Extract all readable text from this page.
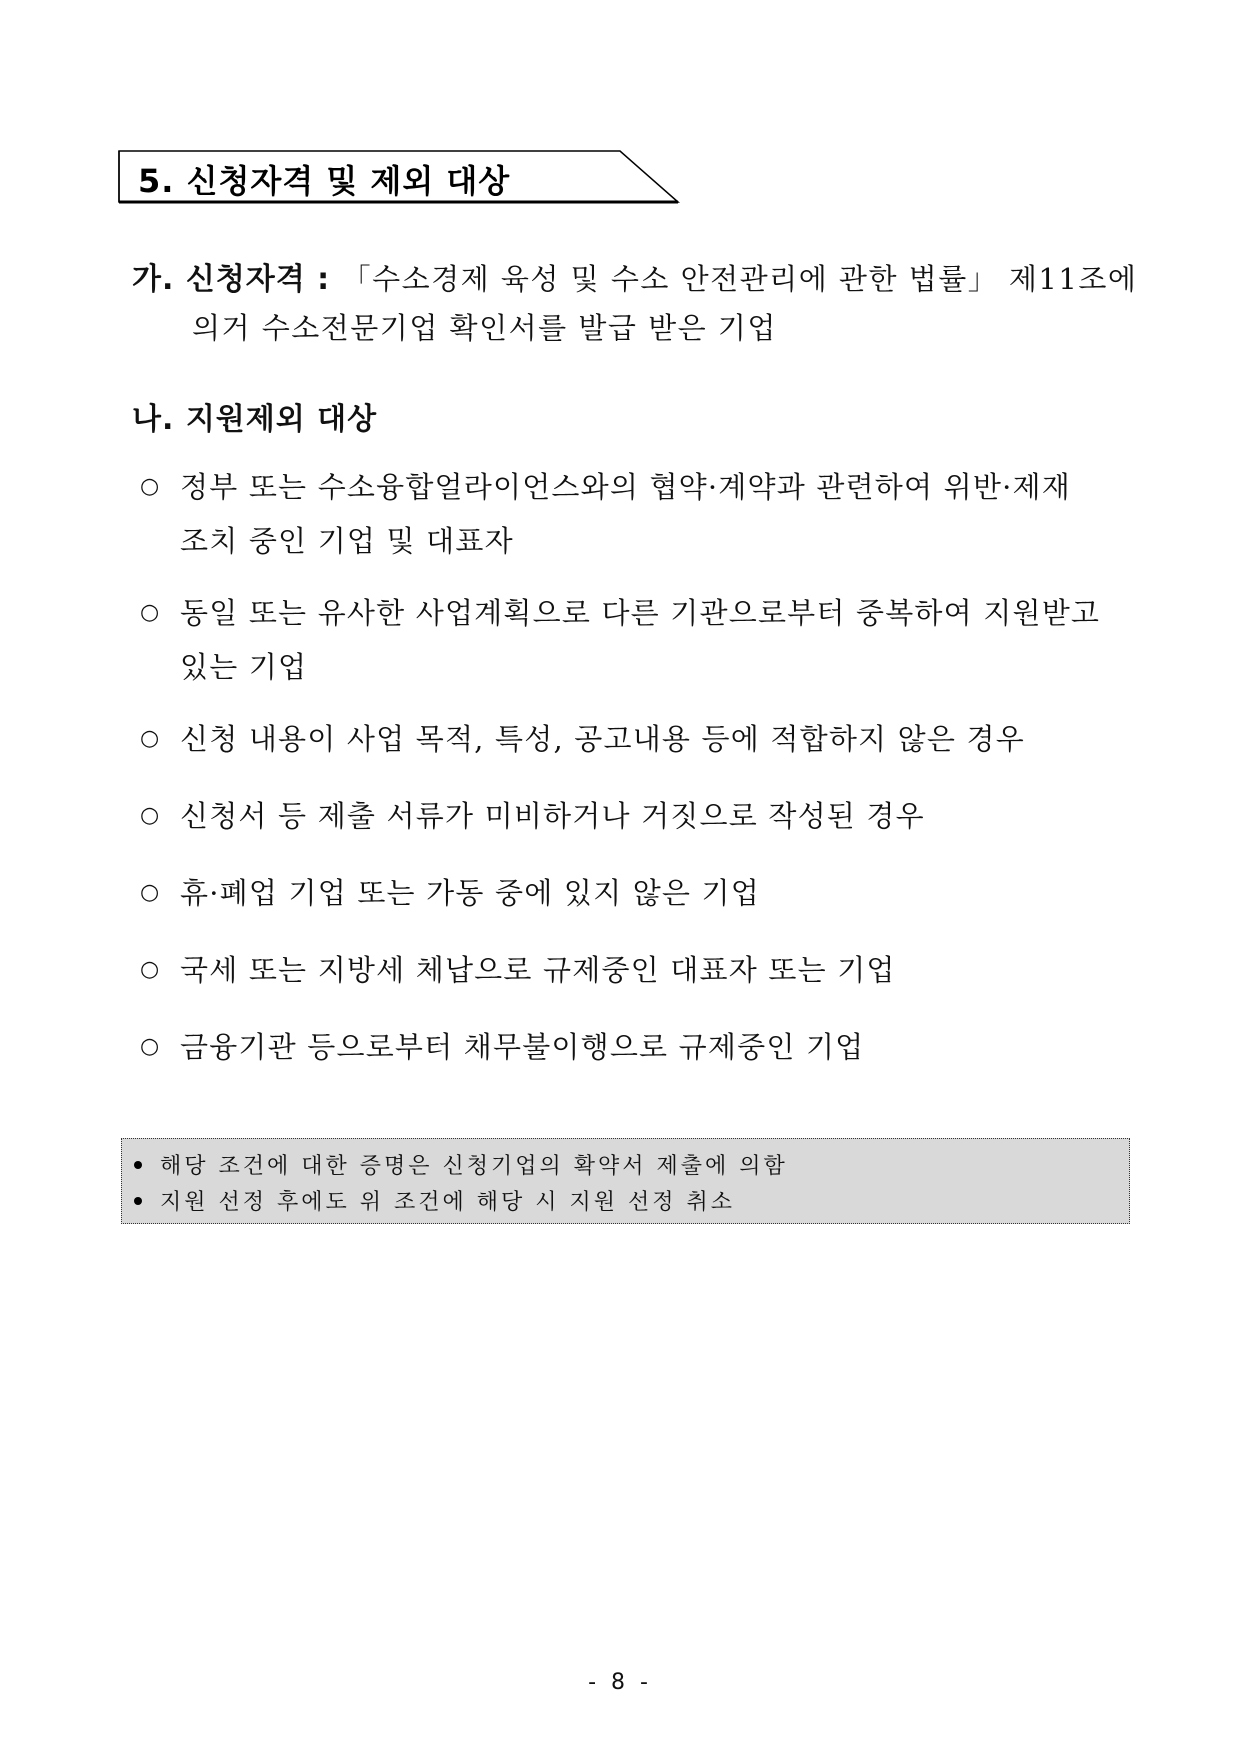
5. 신청자격 및 제외 대상
가. 신청자격 : 「수소경제 육성 및 수소 안전관리에 관한 법률」 제11조에
의거 수소전문기업 확인서를 발급 받은 기업
나. 지원제외 대상
○ 정부 또는 수소융합얼라이언스와의 협약·계약과 관련하여 위반·제재
조치 중인 기업 및 대표자
○ 동일 또는 유사한 사업계획으로 다른 기관으로부터 중복하여 지원받고
있는 기업
○ 신청 내용이 사업 목적, 특성, 공고내용 등에 적합하지 않은 경우
○ 신청서 등 제출 서류가 미비하거나 거짓으로 작성된 경우
○ 휴·폐업 기업 또는 가동 중에 있지 않은 기업
○ 국세 또는 지방세 체납으로 규제중인 대표자 또는 기업
○ 금융기관 등으로부터 채무불이행으로 규제중인 기업
해당 조건에 대한 증명은 신청기업의 확약서 제출에 의함
지원 선정 후에도 위 조건에 해당 시 지원 선정 취소
- 8 -
